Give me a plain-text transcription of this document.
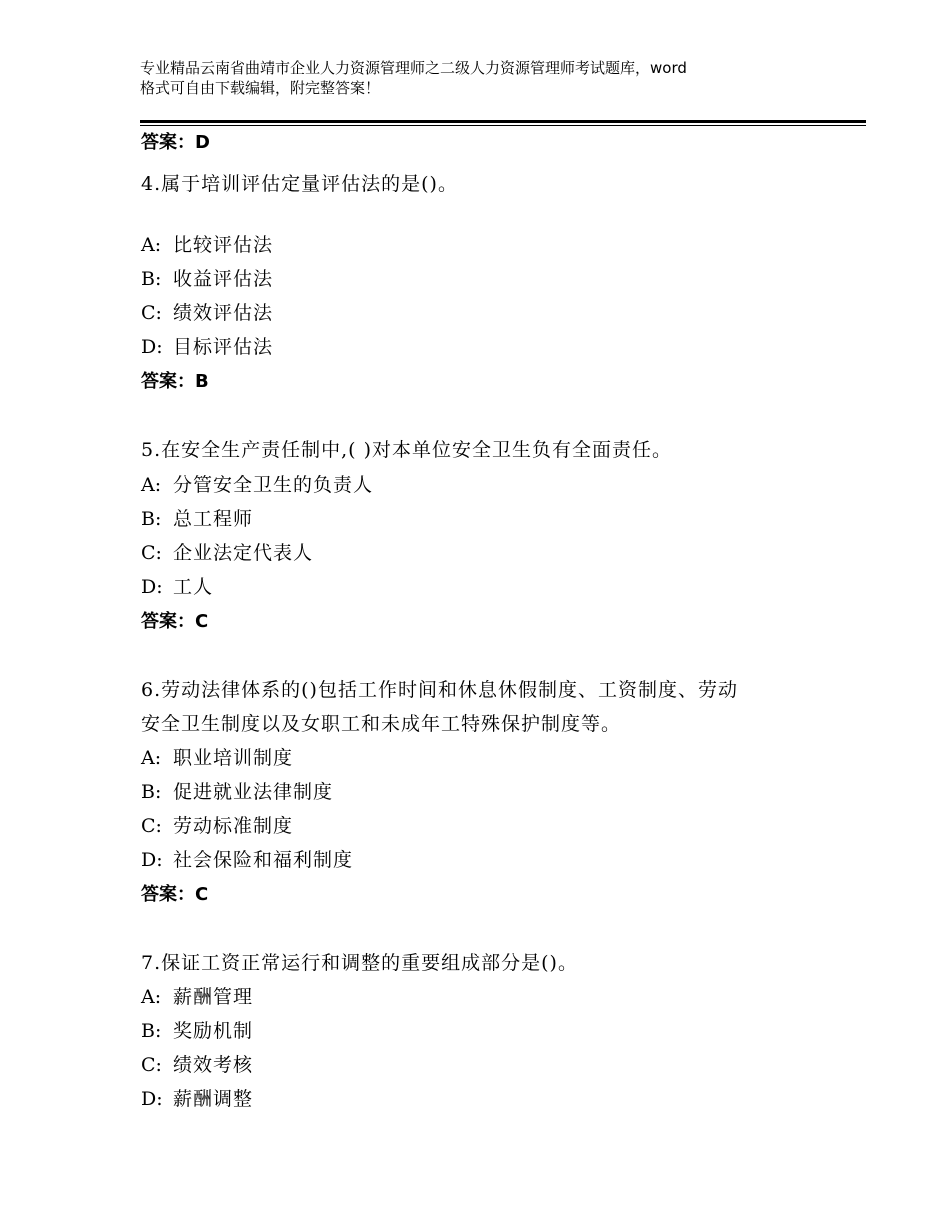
专业精品云南省曲靖市企业人力资源管理师之二级人力资源管理师考试题库，word
格式可自由下载编辑，附完整答案！
答案：D
4.属于培训评估定量评估法的是()。
A: 比较评估法
B: 收益评估法
C: 绩效评估法
D: 目标评估法
答案：B
5.在安全生产责任制中,( )对本单位安全卫生负有全面责任。
A: 分管安全卫生的负责人
B: 总工程师
C: 企业法定代表人
D: 工人
答案：C
6.劳动法律体系的()包括工作时间和休息休假制度、工资制度、劳动
安全卫生制度以及女职工和未成年工特殊保护制度等。
A: 职业培训制度
B: 促进就业法律制度
C: 劳动标准制度
D: 社会保险和福利制度
答案：C
7.保证工资正常运行和调整的重要组成部分是()。
A: 薪酬管理
B: 奖励机制
C: 绩效考核
D: 薪酬调整
